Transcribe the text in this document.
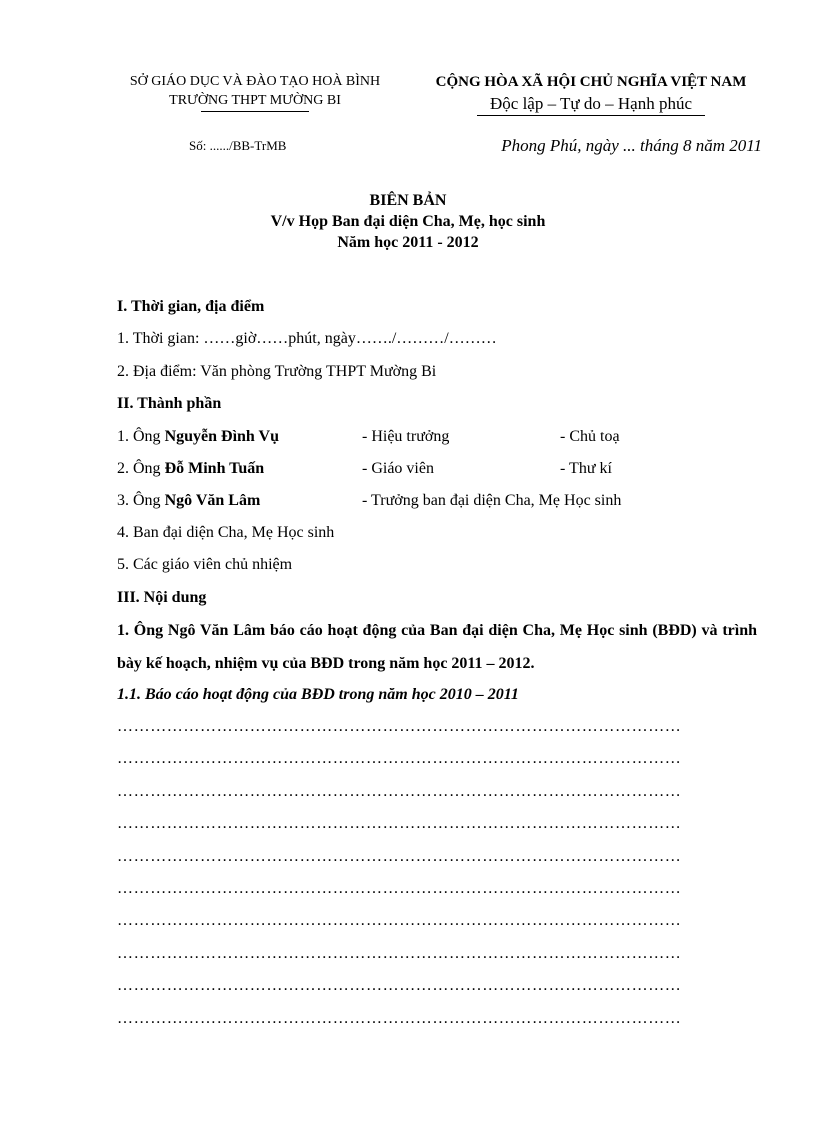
SỞ GIÁO DỤC VÀ ĐÀO TẠO HOÀ BÌNH
TRƯỜNG THPT MƯỜNG BI
CỘNG HÒA XÃ HỘI CHỦ NGHĨA VIỆT NAM
Độc lập – Tự do – Hạnh phúc
Số: ....../BB-TrMB	Phong Phú, ngày ... tháng 8 năm 2011
BIÊN BẢN
V/v Họp Ban đại diện Cha, Mẹ, học sinh
Năm học 2011 - 2012
I. Thời gian, địa điểm
1. Thời gian: ……giờ……phút, ngày……./………/………
2. Địa điểm: Văn phòng Trường THPT Mường Bi
II. Thành phần
1. Ông Nguyễn Đình Vụ	- Hiệu trưởng	- Chủ toạ
2. Ông Đỗ Minh Tuấn	- Giáo viên	- Thư kí
3. Ông Ngô Văn Lâm	- Trưởng ban đại diện Cha, Mẹ Học sinh
4. Ban đại diện Cha, Mẹ Học sinh
5. Các giáo viên chủ nhiệm
III. Nội dung
1. Ông Ngô Văn Lâm báo cáo hoạt động của Ban đại diện Cha, Mẹ Học sinh (BĐD) và trình bày kế hoạch, nhiệm vụ của BĐD trong năm học 2011 – 2012.
1.1. Báo cáo hoạt động của BĐD trong năm học 2010 – 2011
…………………………………………………………………………………………
…………………………………………………………………………………………
…………………………………………………………………………………………
…………………………………………………………………………………………
…………………………………………………………………………………………
…………………………………………………………………………………………
…………………………………………………………………………………………
…………………………………………………………………………………………
…………………………………………………………………………………………
…………………………………………………………………………………………
